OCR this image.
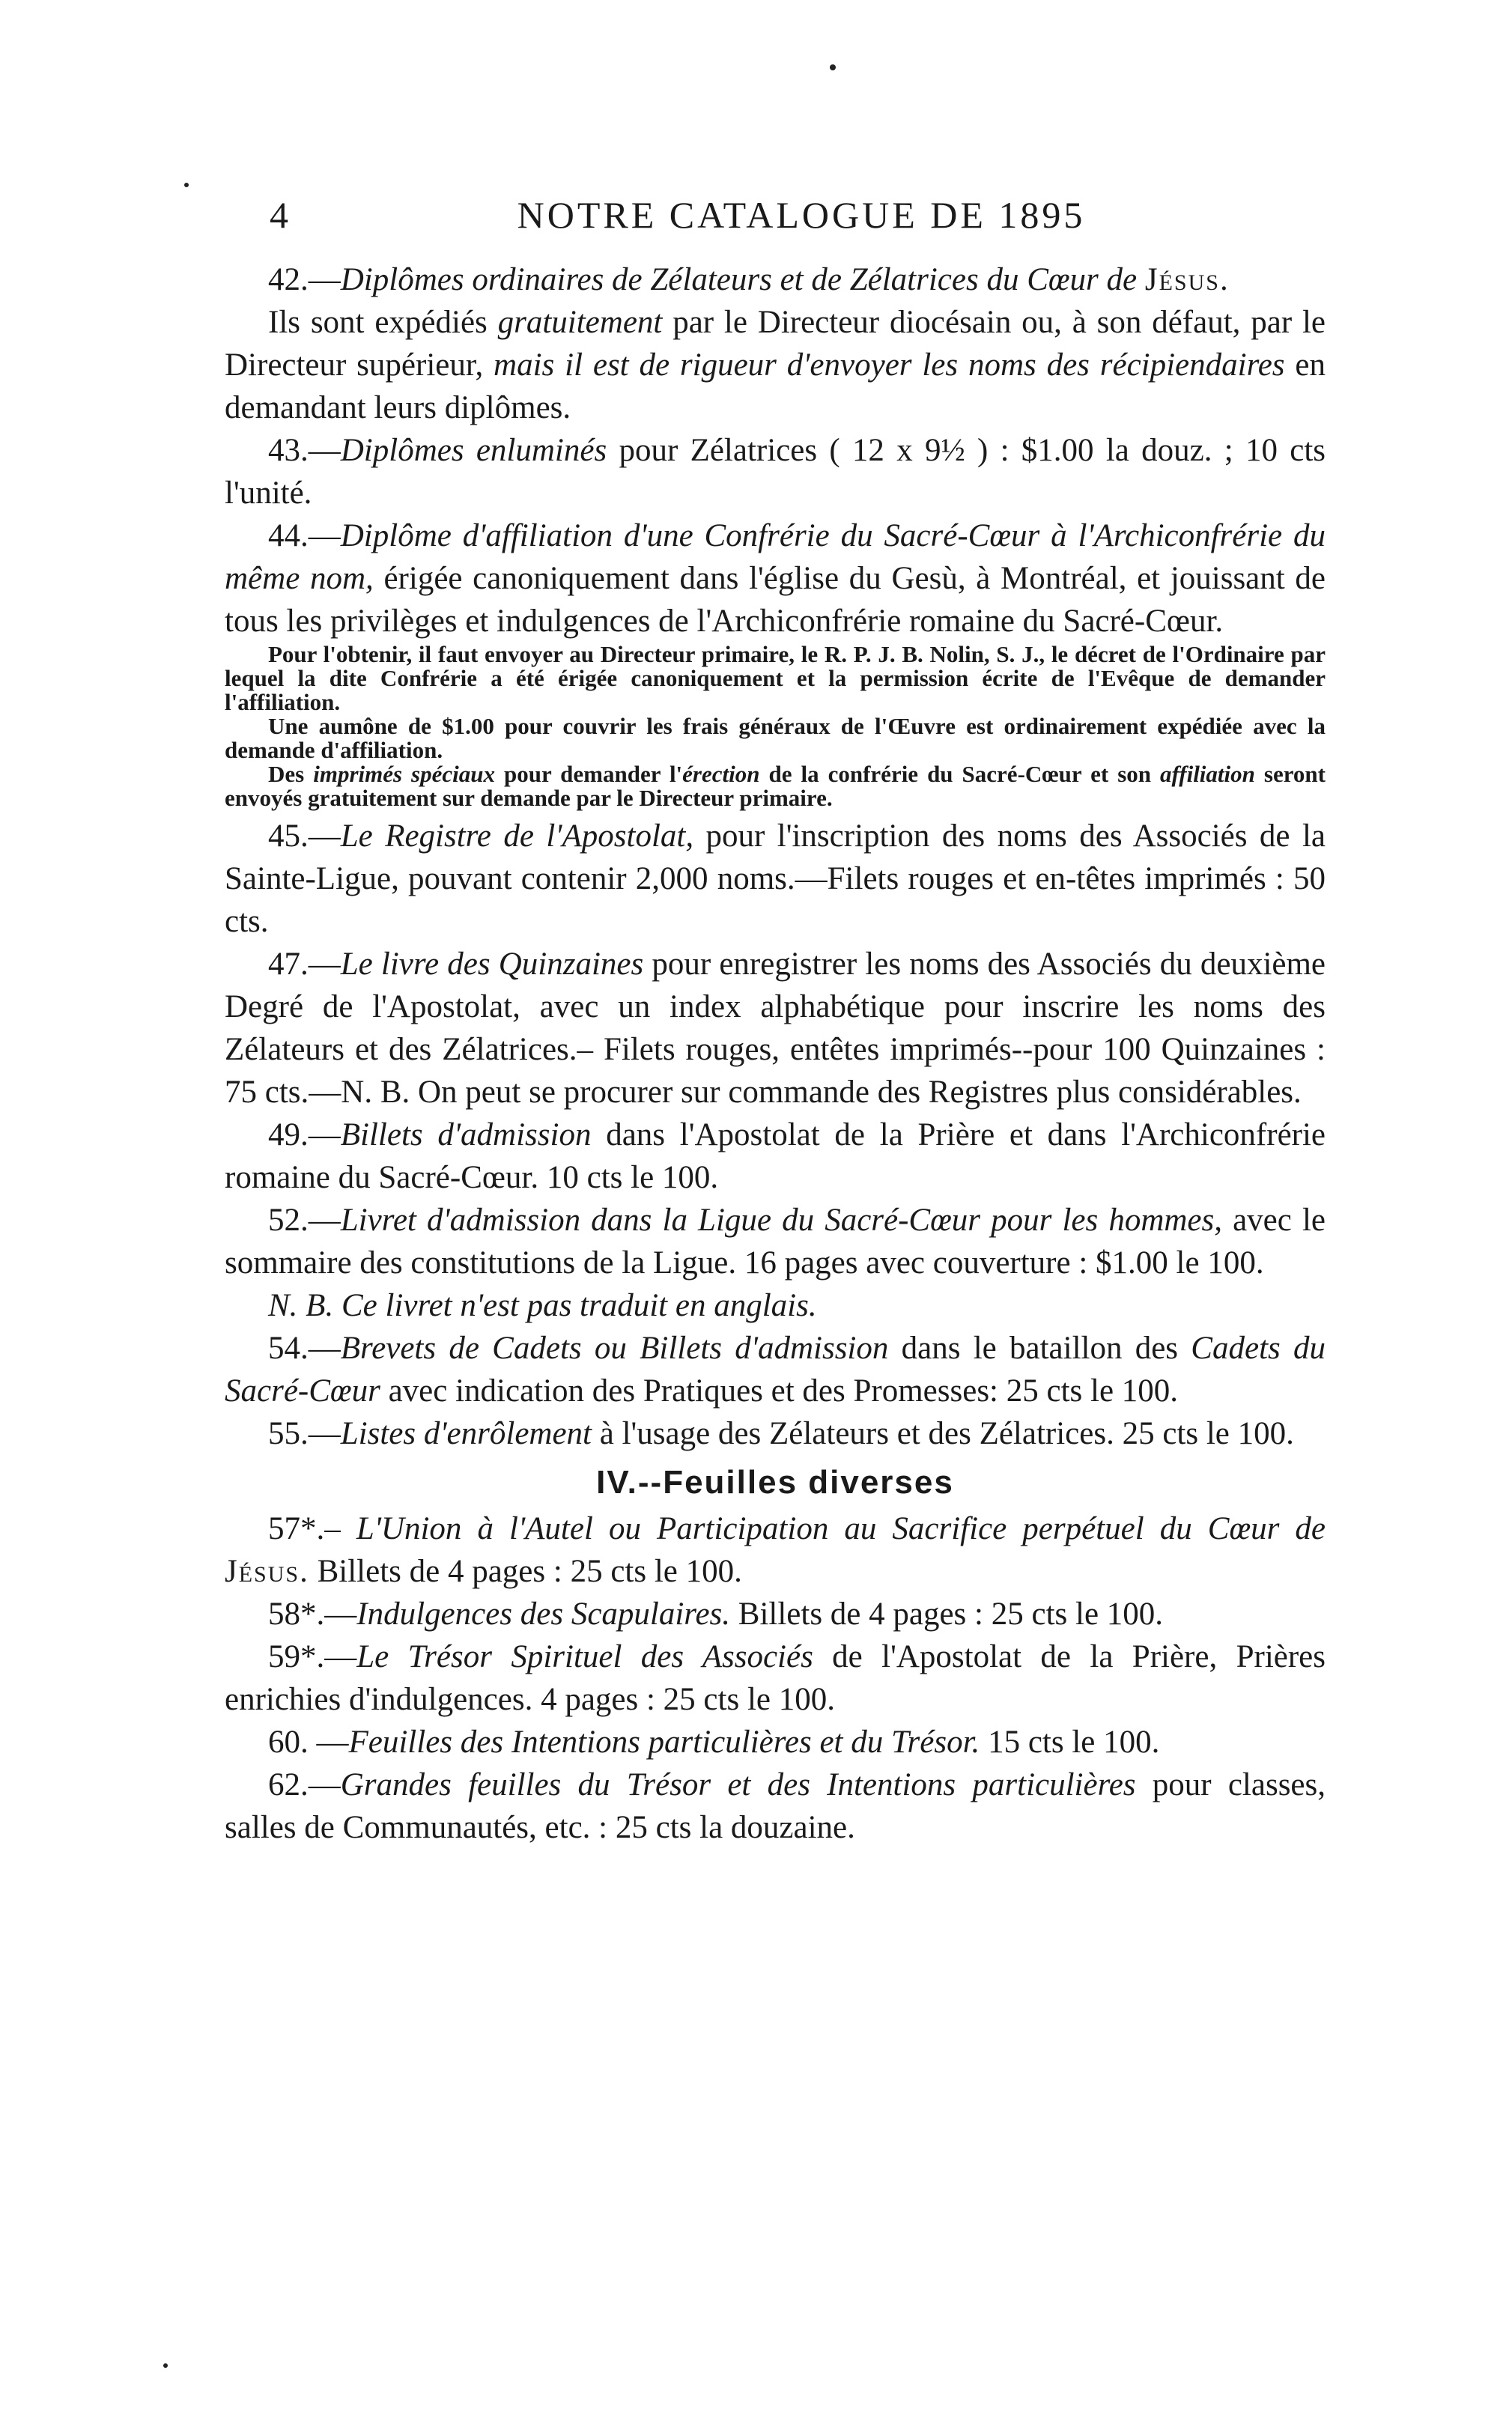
4	NOTRE CATALOGUE DE 1895

42.—Diplômes ordinaires de Zélateurs et de Zélatrices du Cœur de Jésus.

Ils sont expédiés gratuitement par le Directeur diocésain ou, à son défaut, par le Directeur supérieur, mais il est de rigueur d'envoyer les noms des récipiendaires en demandant leurs diplômes.

43.—Diplômes enluminés pour Zélatrices ( 12 x 9½ ) : $1.00 la douz. ; 10 cts l'unité.

44.—Diplôme d'affiliation d'une Confrérie du Sacré-Cœur à l'Archiconfrérie du même nom, érigée canoniquement dans l'église du Gesù, à Montréal, et jouissant de tous les privilèges et indulgences de l'Archiconfrérie romaine du Sacré-Cœur.

Pour l'obtenir, il faut envoyer au Directeur primaire, le R. P. J. B. Nolin, S. J., le décret de l'Ordinaire par lequel la dite Confrérie a été érigée canoniquement et la permission écrite de l'Evêque de demander l'affiliation.

Une aumône de $1.00 pour couvrir les frais généraux de l'Œuvre est ordinairement expédiée avec la demande d'affiliation.

Des imprimés spéciaux pour demander l'érection de la confrérie du Sacré-Cœur et son affiliation seront envoyés gratuitement sur demande par le Directeur primaire.

45.—Le Registre de l'Apostolat, pour l'inscription des noms des Associés de la Sainte-Ligue, pouvant contenir 2,000 noms.—Filets rouges et en-têtes imprimés : 50 cts.

47.—Le livre des Quinzaines pour enregistrer les noms des Associés du deuxième Degré de l'Apostolat, avec un index alphabétique pour inscrire les noms des Zélateurs et des Zélatrices.– Filets rouges, entêtes imprimés--pour 100 Quinzaines : 75 cts.—N. B. On peut se procurer sur commande des Registres plus considérables.

49.—Billets d'admission dans l'Apostolat de la Prière et dans l'Archiconfrérie romaine du Sacré-Cœur. 10 cts le 100.

52.—Livret d'admission dans la Ligue du Sacré-Cœur pour les hommes, avec le sommaire des constitutions de la Ligue. 16 pages avec couverture : $1.00 le 100.

N. B. Ce livret n'est pas traduit en anglais.

54.—Brevets de Cadets ou Billets d'admission dans le bataillon des Cadets du Sacré-Cœur avec indication des Pratiques et des Promesses: 25 cts le 100.

55.—Listes d'enrôlement à l'usage des Zélateurs et des Zélatrices. 25 cts le 100.

IV.--Feuilles diverses

57*.– L'Union à l'Autel ou Participation au Sacrifice perpétuel du Cœur de Jésus. Billets de 4 pages : 25 cts le 100.

58*.—Indulgences des Scapulaires. Billets de 4 pages : 25 cts le 100.

59*.—Le Trésor Spirituel des Associés de l'Apostolat de la Prière, Prières enrichies d'indulgences. 4 pages : 25 cts le 100.

60. —Feuilles des Intentions particulières et du Trésor. 15 cts le 100.

62.—Grandes feuilles du Trésor et des Intentions particulières pour classes, salles de Communautés, etc. : 25 cts la douzaine.
